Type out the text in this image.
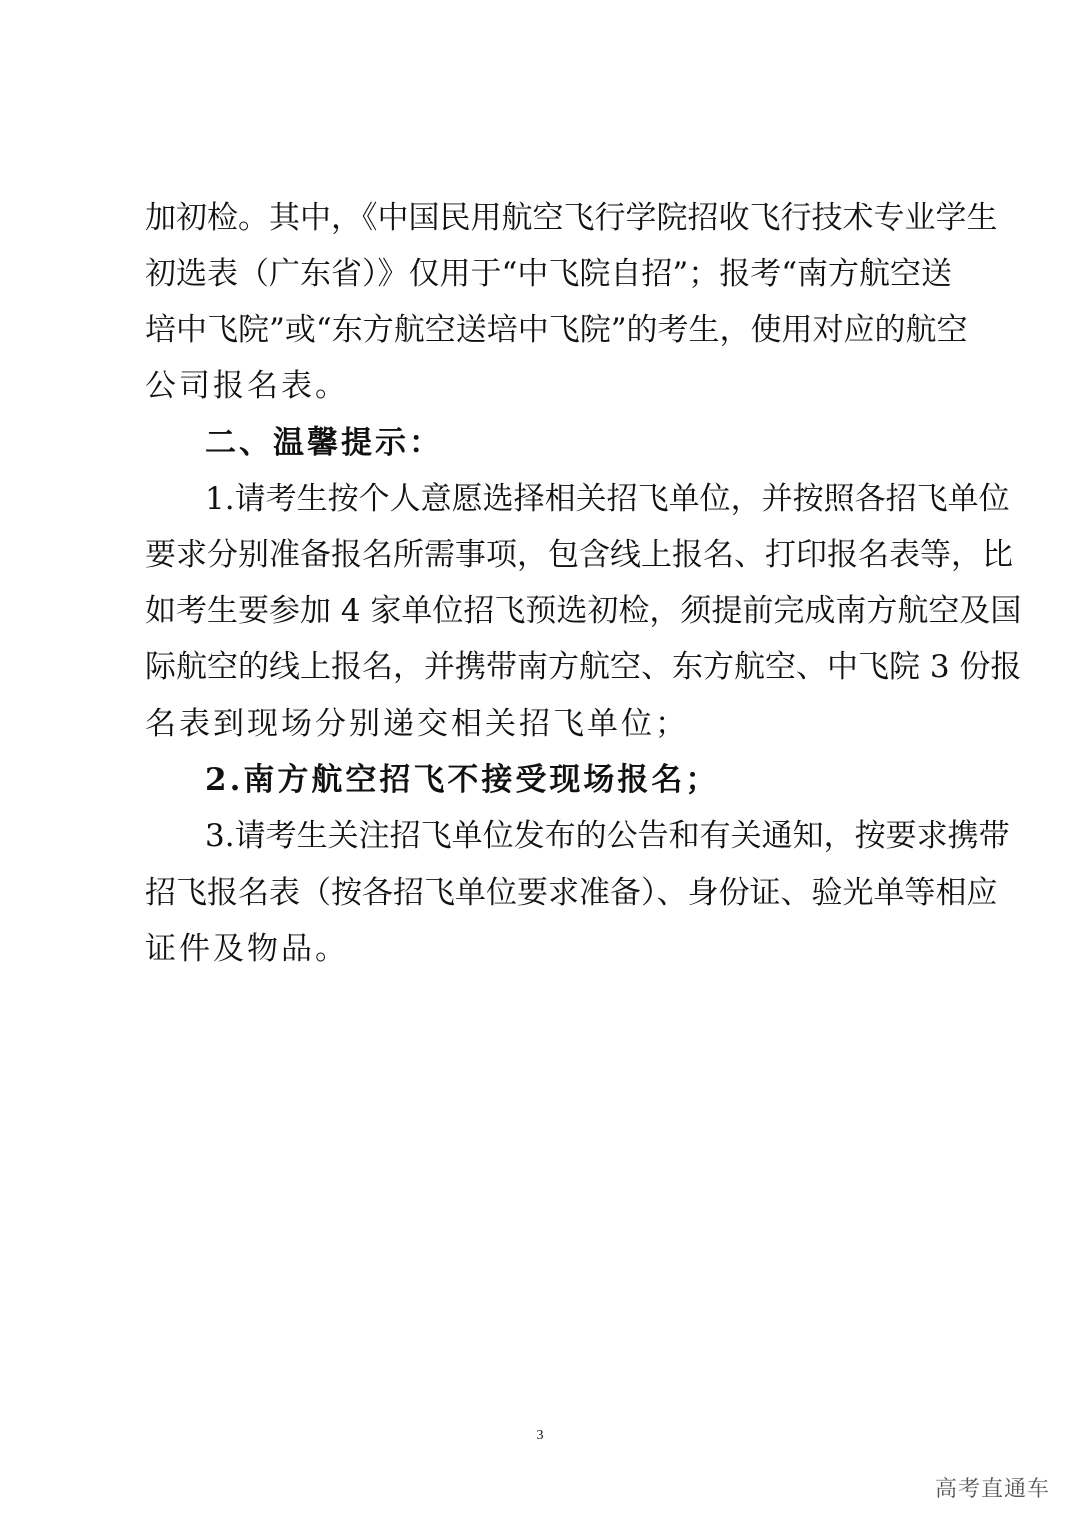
加初检。其中，《中国民用航空飞行学院招收飞行技术专业学生
初选表（广东省）》仅用于“中飞院自招”；报考“南方航空送
培中飞院”或“东方航空送培中飞院”的考生，使用对应的航空
公司报名表。
二、温馨提示：
1.请考生按个人意愿选择相关招飞单位，并按照各招飞单位
要求分别准备报名所需事项，包含线上报名、打印报名表等，比
如考生要参加 4 家单位招飞预选初检，须提前完成南方航空及国
际航空的线上报名，并携带南方航空、东方航空、中飞院 3 份报
名表到现场分别递交相关招飞单位；
2.南方航空招飞不接受现场报名；
3.请考生关注招飞单位发布的公告和有关通知，按要求携带
招飞报名表（按各招飞单位要求准备）、身份证、验光单等相应
证件及物品。
3
高考直通车
